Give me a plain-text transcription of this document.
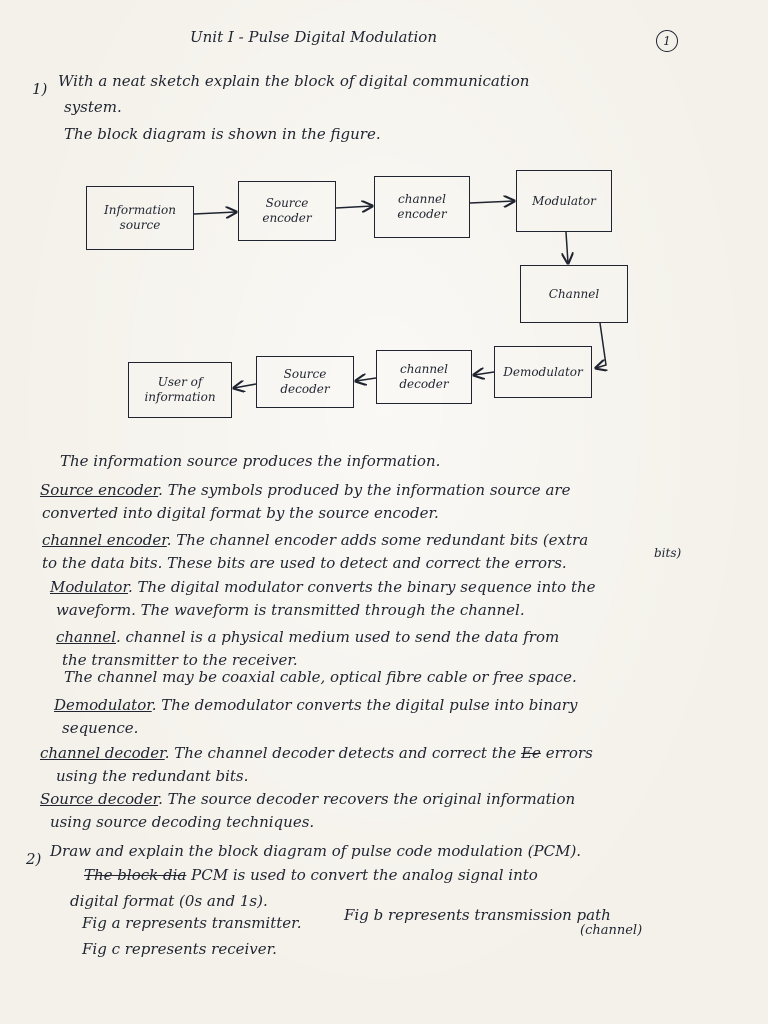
Unit I - Pulse Digital Modulation	1
1) With a neat sketch explain the block of digital communication
system.
The block diagram is shown in the figure.
Information source
Source encoder
channel encoder
Modulator
Channel
Demodulator
channel decoder
Source decoder
User of information
The information source produces the information.
Source encoder. The symbols produced by the information source are
converted into digital format by the source encoder.
channel encoder. The channel encoder adds some redundant bits (extra
to the data bits. These bits are used to detect and correct the errors.
bits)
Modulator. The digital modulator converts the binary sequence into the
waveform. The waveform is transmitted through the channel.
channel. channel is a physical medium used to send the data from
the transmitter to the receiver.
The channel may be coaxial cable, optical fibre cable or free space.
Demodulator. The demodulator converts the digital pulse into binary
sequence.
channel decoder. The channel decoder detects and correct the Ee errors
using the redundant bits.
Source decoder. The source decoder recovers the original information
using source decoding techniques.
2) Draw and explain the block diagram of pulse code modulation (PCM).
The block dia PCM is used to convert the analog signal into
digital format (0s and 1s).
Fig a represents transmitter.	Fig b represents transmission path
(channel)
Fig c represents receiver.
